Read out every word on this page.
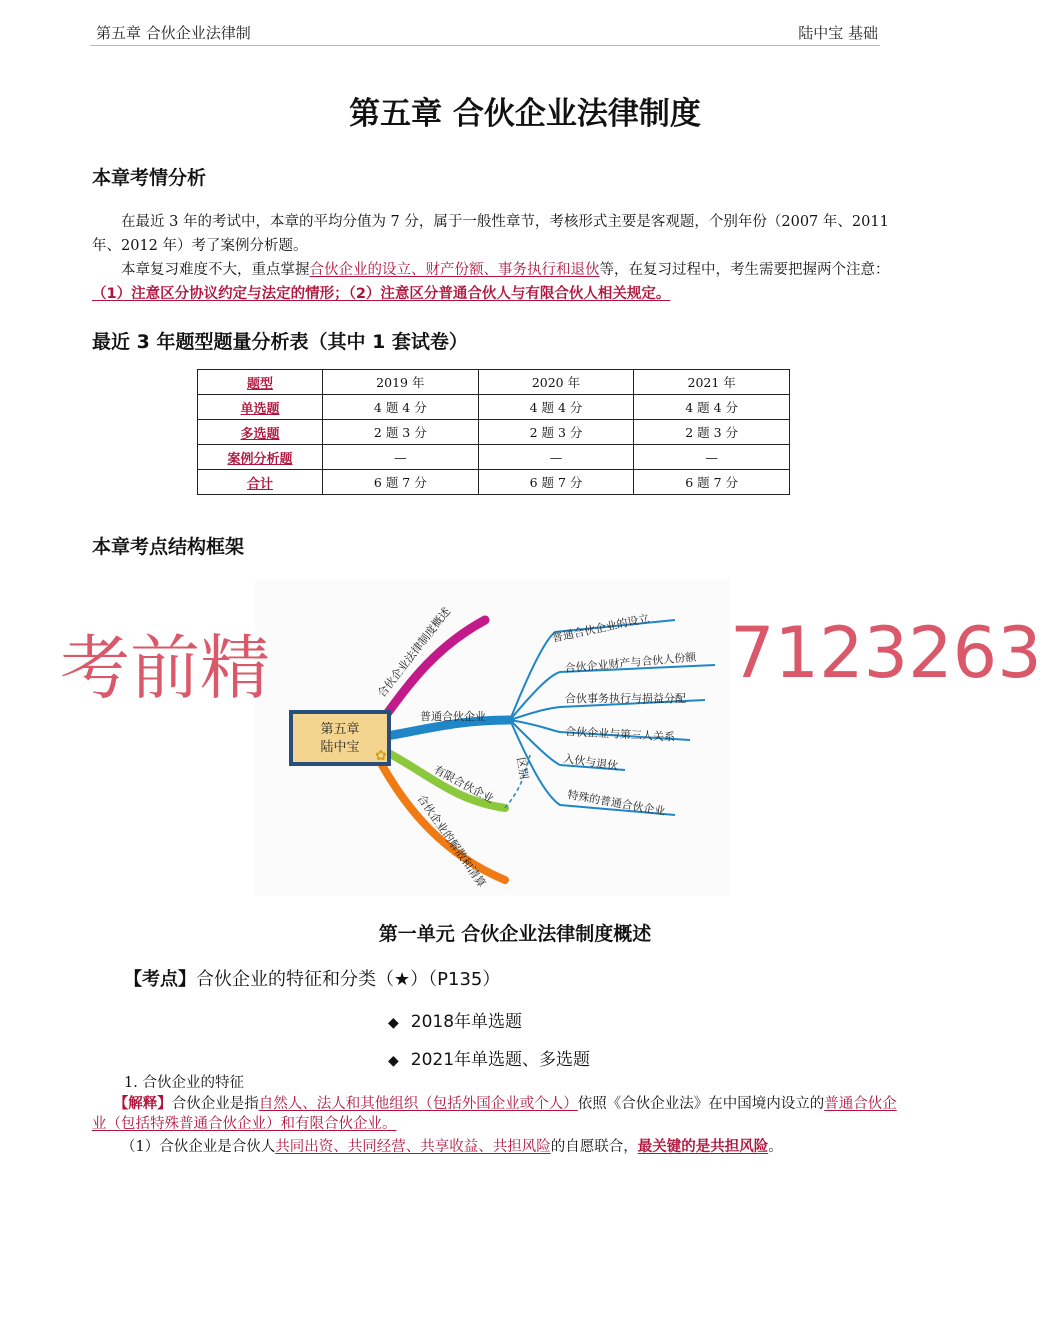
第五章 合伙企业法律制	陆中宝 基础
第五章 合伙企业法律制度
本章考情分析

在最近 3 年的考试中，本章的平均分值为 7 分，属于一般性章节，考核形式主要是客观题，个别年份（2007 年、2011 年、2012 年）考了案例分析题。

本章复习难度不大，重点掌握合伙企业的设立、财产份额、事务执行和退伙等，在复习过程中，考生需要把握两个注意：（1）注意区分协议约定与法定的情形；（2）注意区分普通合伙人与有限合伙人相关规定。

最近 3 年题型题量分析表（其中 1 套试卷）
题型	2019 年	2020 年	2021 年
单选题	4 题 4 分	4 题 4 分	4 题 4 分
多选题	2 题 3 分	2 题 3 分	2 题 3 分
案例分析题	—	—	—
合计	6 题 7 分	6 题 7 分	6 题 7 分
本章考点结构框架
第五章
陆中宝
✿
合伙企业法律制度概述
普通合伙企业
有限合伙企业
合伙企业的解散和清算
区别
普通合伙企业的设立
合伙企业财产与合伙人份额
合伙事务执行与损益分配
合伙企业与第三人关系
入伙与退伙
特殊的普通合伙企业
考前精	7123263
第一单元 合伙企业法律制度概述
【考点】合伙企业的特征和分类（★）（P135）
◆ 2018年单选题
◆ 2021年单选题、多选题
1. 合伙企业的特征
【解释】合伙企业是指自然人、法人和其他组织（包括外国企业或个人）依照《合伙企业法》在中国境内设立的普通合伙企业（包括特殊普通合伙企业）和有限合伙企业。
（1）合伙企业是合伙人共同出资、共同经营、共享收益、共担风险的自愿联合，最关键的是共担风险。
